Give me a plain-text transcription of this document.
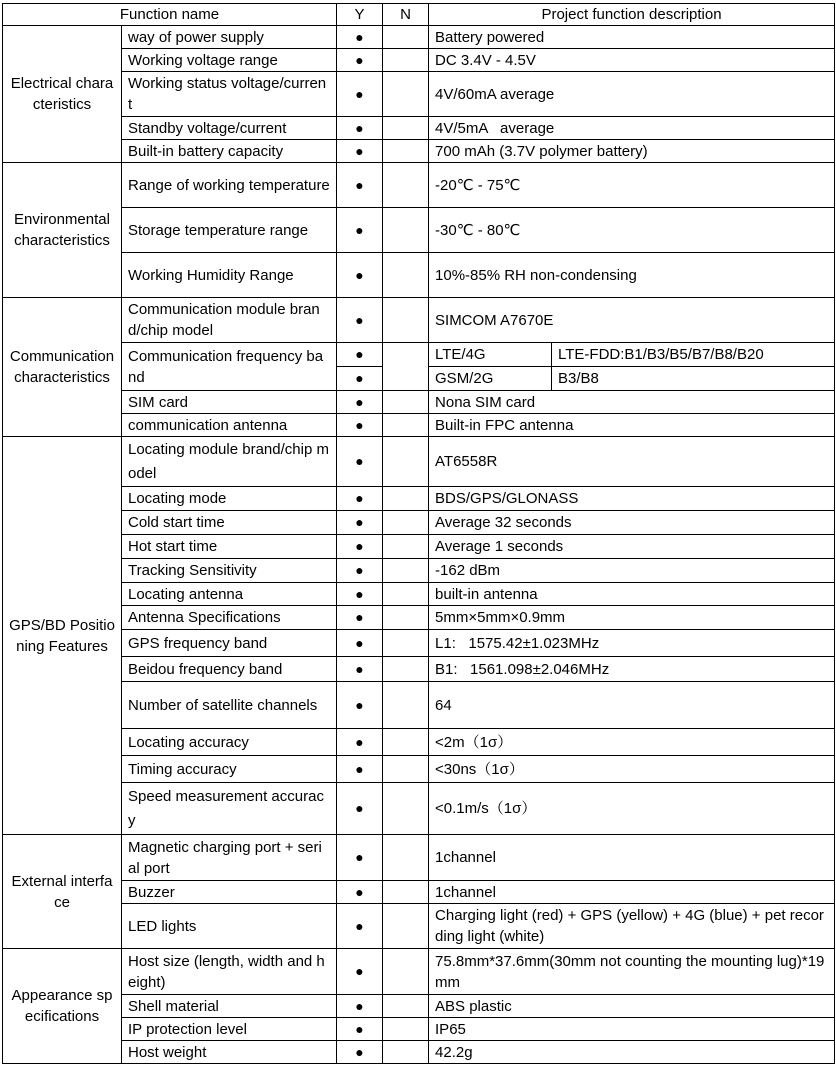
Function name		Y	N	Project function description	
Electrical characteristics	way of power supply	●		Battery powered	
	Working voltage range	●		DC 3.4V - 4.5V	
	Working status voltage/current	●		4V/60mA average	
	Standby voltage/current	●		4V/5mA   average	
	Built-in battery capacity	●		700 mAh (3.7V polymer battery)	
Environmental characteristics	Range of working temperature	●		-20℃ - 75℃	
	Storage temperature range	●		-30℃ - 80℃	
	Working Humidity Range	●		10%-85% RH non-condensing	
Communication characteristics	Communication module brand/chip model	●		SIMCOM A7670E	
	Communication frequency band	●		LTE/4G	LTE-FDD:B1/B3/B5/B7/B8/B20
		●		GSM/2G	B3/B8
	SIM card	●		Nona SIM card	
	communication antenna	●		Built-in FPC antenna	
GPS/BD Positioning Features	Locating module brand/chip model	●		AT6558R	
	Locating mode	●		BDS/GPS/GLONASS	
	Cold start time	●		Average 32 seconds	
	Hot start time	●		Average 1 seconds	
	Tracking Sensitivity	●		-162 dBm	
	Locating antenna	●		built-in antenna	
	Antenna Specifications	●		5mm×5mm×0.9mm	
	GPS frequency band	●		L1:   1575.42±1.023MHz	
	Beidou frequency band	●		B1:   1561.098±2.046MHz	
	Number of satellite channels	●		64	
	Locating accuracy	●		<2m（1σ）	
	Timing accuracy	●		<30ns（1σ）	
	Speed measurement accuracy	●		<0.1m/s（1σ）	
External interface	Magnetic charging port + serial port	●		1channel	
	Buzzer	●		1channel	
	LED lights	●		Charging light (red) + GPS (yellow) + 4G (blue) + pet recording light (white)	
Appearance specifications	Host size (length, width and height)	●		75.8mm*37.6mm(30mm not counting the mounting lug)*19mm	
	Shell material	●		ABS plastic	
	IP protection level	●		IP65	
	Host weight	●		42.2g	
